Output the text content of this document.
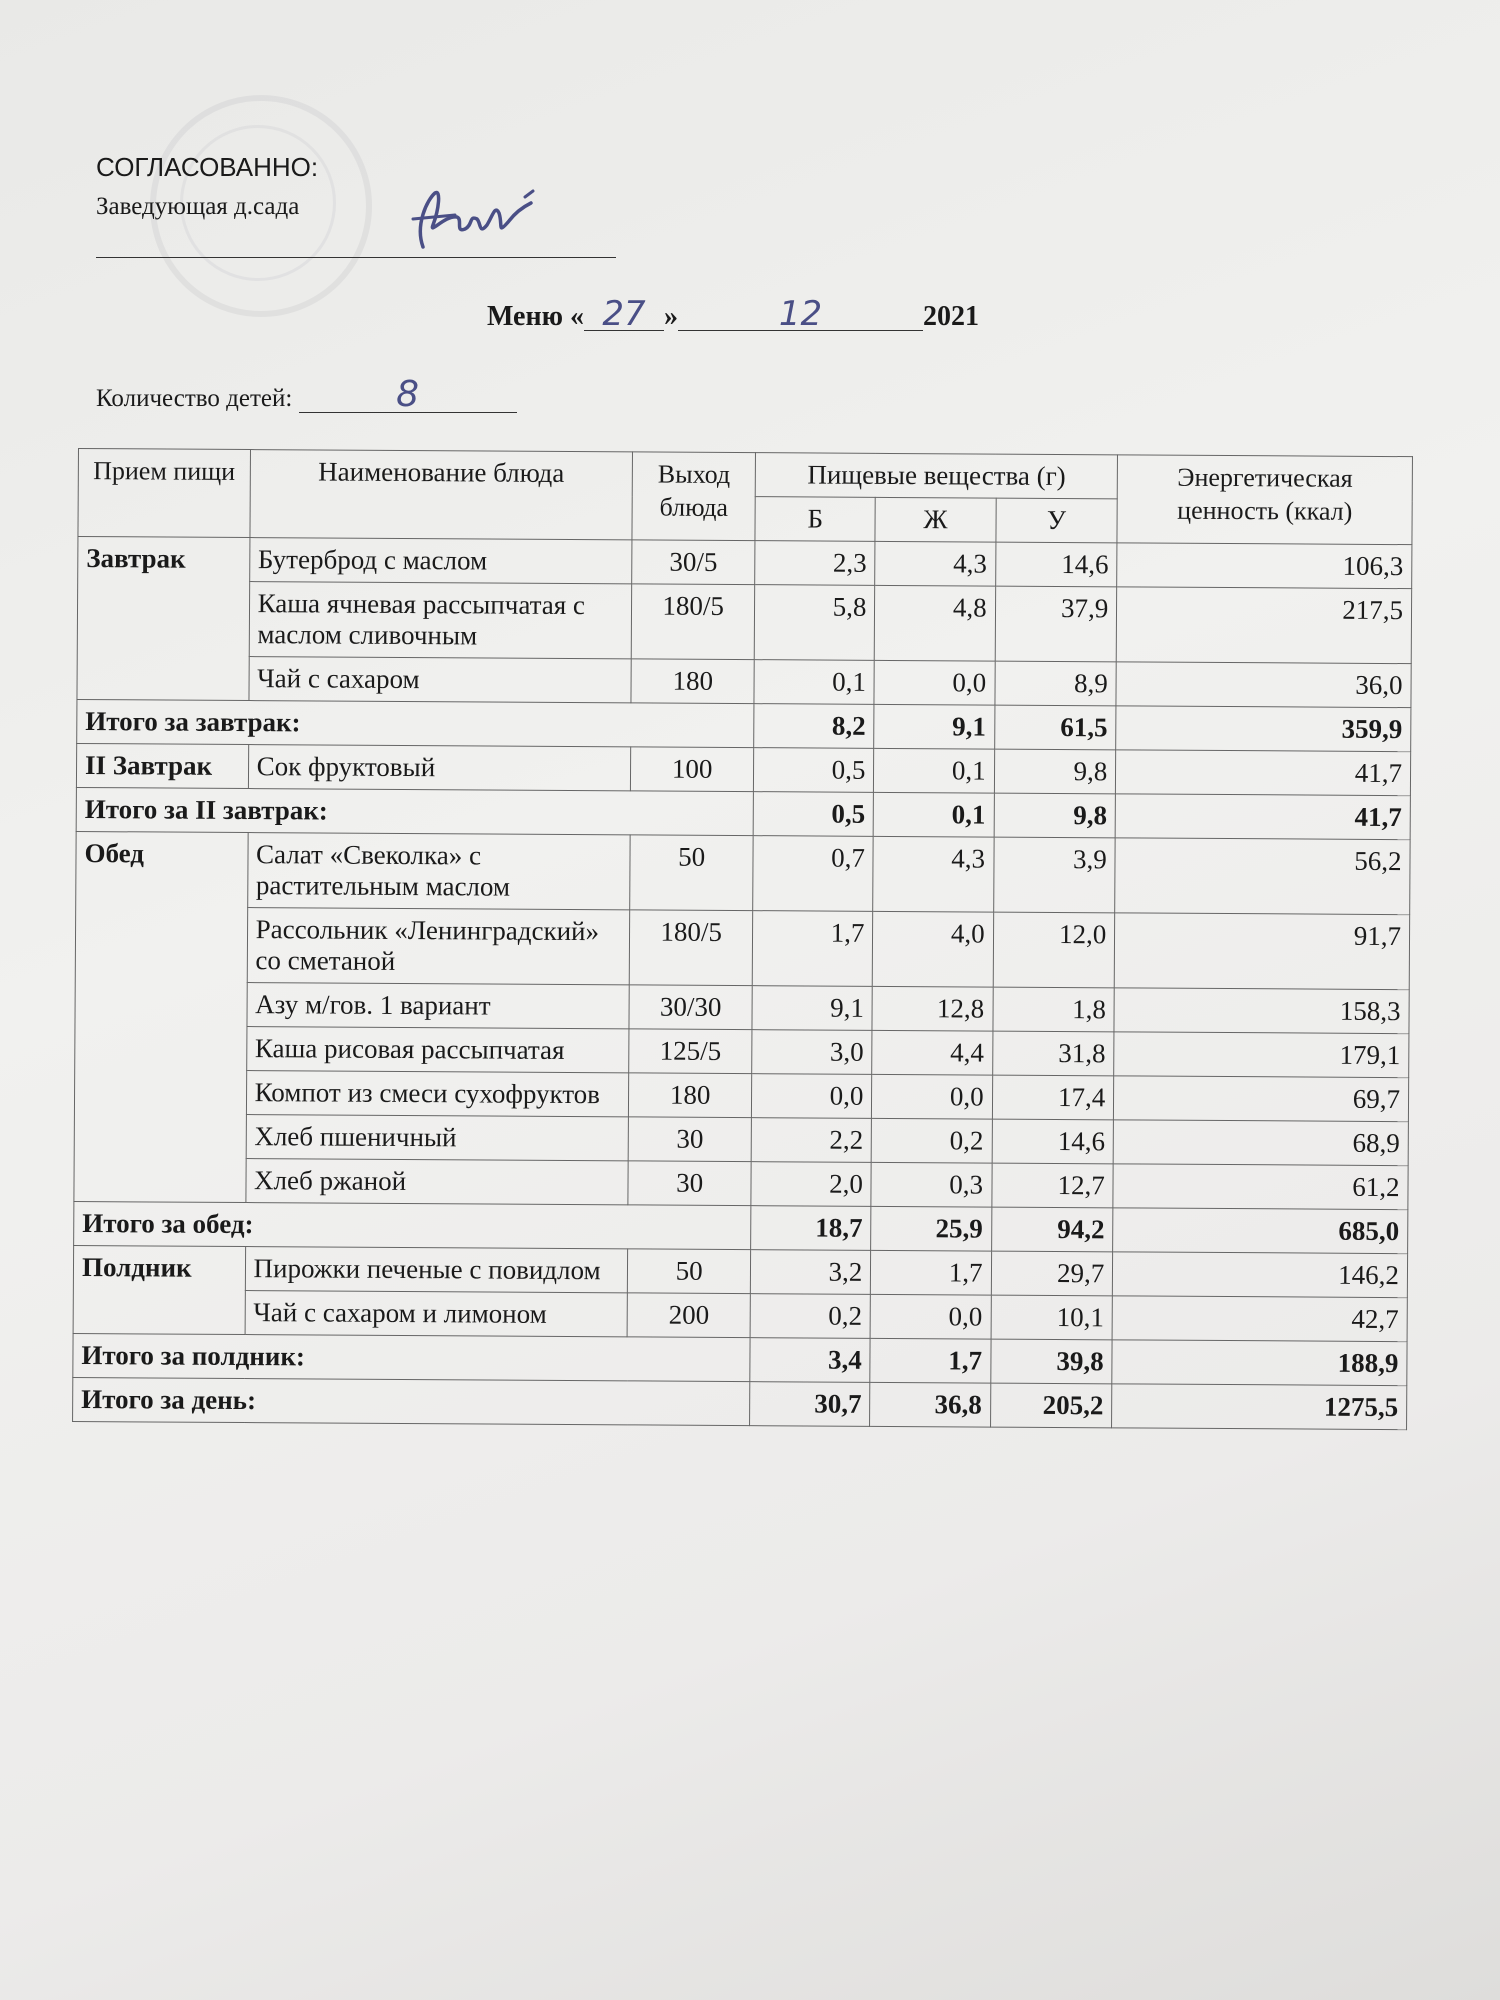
СОГЛАСОВАННО:
Заведующая д.сада
Меню « 27 »	12	2021
Количество детей:	8
Прием пищи	Наименование блюда	Выход блюда	Пищевые вещества (г)			Энергетическая ценность (ккал)
			Б	Ж	У	
Завтрак	Бутерброд с маслом	30/5	2,3	4,3	14,6	106,3
	Каша ячневая рассыпчатая с маслом сливочным	180/5	5,8	4,8	37,9	217,5
	Чай с сахаром	180	0,1	0,0	8,9	36,0
Итого за завтрак:			8,2	9,1	61,5	359,9
II Завтрак	Сок фруктовый	100	0,5	0,1	9,8	41,7
Итого за II завтрак:			0,5	0,1	9,8	41,7
Обед	Салат «Свеколка» с растительным маслом	50	0,7	4,3	3,9	56,2
	Рассольник «Ленинградский» со сметаной	180/5	1,7	4,0	12,0	91,7
	Азу м/гов. 1 вариант	30/30	9,1	12,8	1,8	158,3
	Каша рисовая рассыпчатая	125/5	3,0	4,4	31,8	179,1
	Компот из смеси сухофруктов	180	0,0	0,0	17,4	69,7
	Хлеб пшеничный	30	2,2	0,2	14,6	68,9
	Хлеб ржаной	30	2,0	0,3	12,7	61,2
Итого за обед:			18,7	25,9	94,2	685,0
Полдник	Пирожки печеные с повидлом	50	3,2	1,7	29,7	146,2
	Чай с сахаром и лимоном	200	0,2	0,0	10,1	42,7
Итого за полдник:			3,4	1,7	39,8	188,9
Итого за день:			30,7	36,8	205,2	1275,5
